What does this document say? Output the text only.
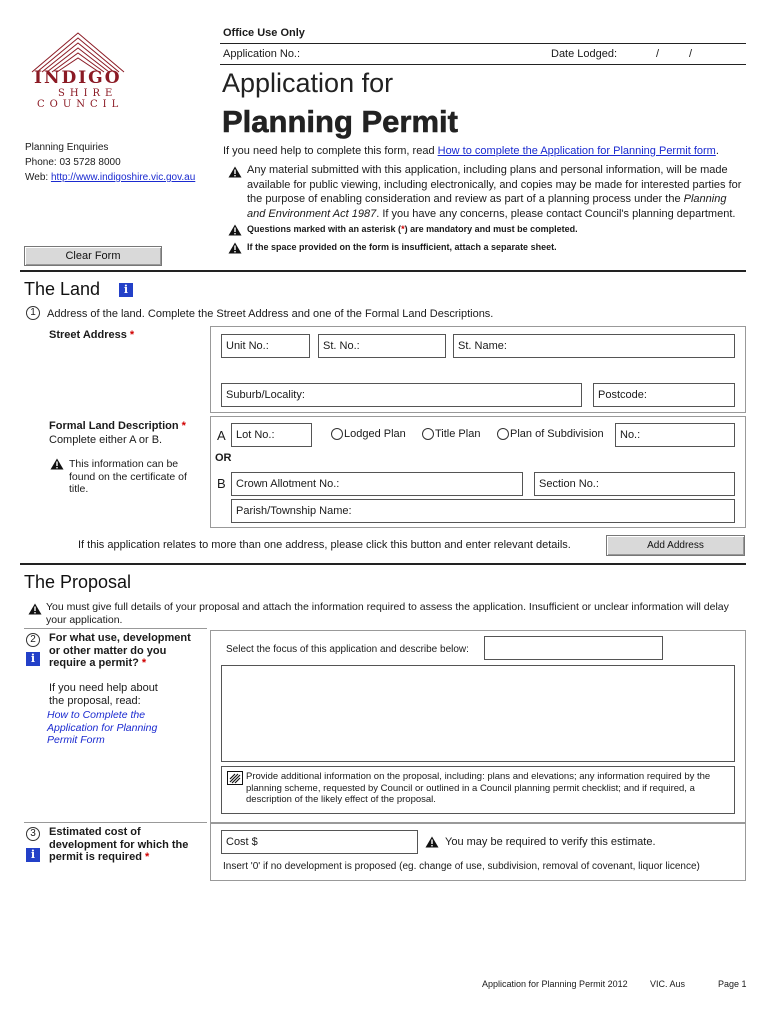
Office Use Only
Application No.:	Date Lodged:	/	/
INDIGO
SHIRE
COUNCIL
Planning Enquiries
Phone: 03 5728 8000
Web: http://www.indigoshire.vic.gov.au
Application for
Planning Permit
If you need help to complete this form, read How to complete the Application for Planning Permit form.
Any material submitted with this application, including plans and personal information, will be made available for public viewing, including electronically, and copies may be made for interested parties for the purpose of enabling consideration and review as part of a planning process under the Planning and Environment Act 1987. If you have any concerns, please contact Council's planning department.
Questions marked with an asterisk (*) are mandatory and must be completed.
If the space provided on the form is insufficient, attach a separate sheet.
Clear Form
The Land	i
1	Address of the land. Complete the Street Address and one of the Formal Land Descriptions.
Street Address *
Unit No.:	St. No.:	St. Name:
Suburb/Locality:	Postcode:
Formal Land Description *
Complete either A or B.
This information can be found on the certificate of title.
A Lot No.:	Lodged Plan	Title Plan	Plan of Subdivision	No.:
OR
B Crown Allotment No.:	Section No.:
Parish/Township Name:
If this application relates to more than one address, please click this button and enter relevant details.	Add Address
The Proposal
You must give full details of your proposal and attach the information required to assess the application. Insufficient or unclear information will delay your application.
2
i
For what use, development or other matter do you require a permit? *
If you need help about the proposal, read:
How to Complete the Application for Planning Permit Form
Select the focus of this application and describe below:
Provide additional information on the proposal, including: plans and elevations; any information required by the planning scheme, requested by Council or outlined in a Council planning permit checklist; and if required, a description of the likely effect of the proposal.
3
i
Estimated cost of development for which the permit is required *
Cost $	You may be required to verify this estimate.
Insert '0' if no development is proposed (eg. change of use, subdivision, removal of covenant, liquor licence)
Application for Planning Permit 2012 VIC. Aus	Page 1
